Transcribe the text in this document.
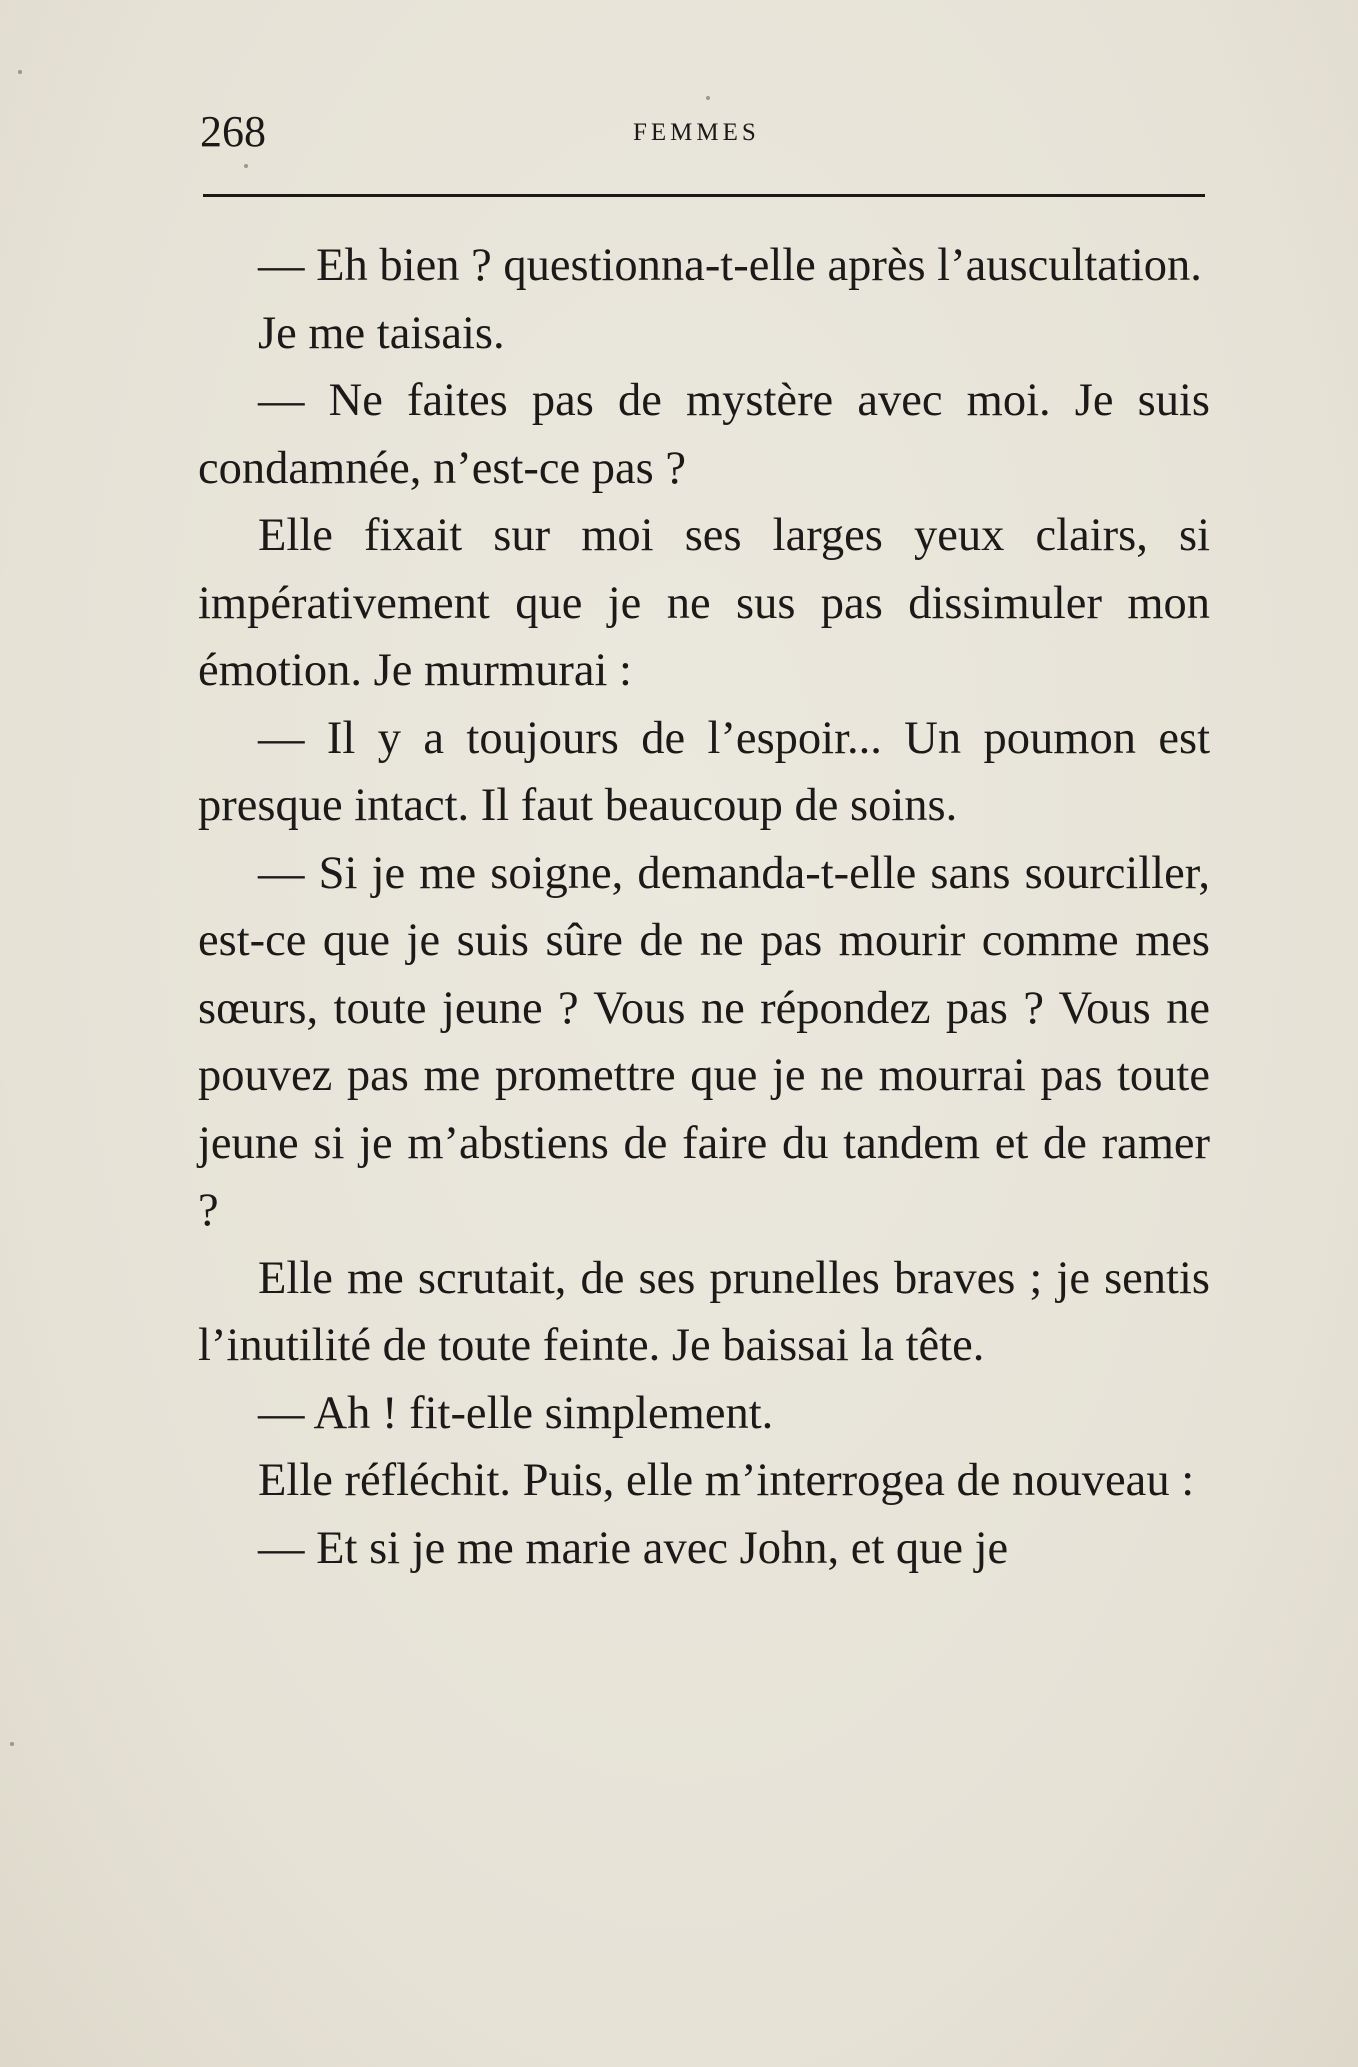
268	FEMMES

— Eh bien ? questionna-t-elle après l’auscultation.

Je me taisais.

— Ne faites pas de mystère avec moi. Je suis condamnée, n’est-ce pas ?

Elle fixait sur moi ses larges yeux clairs, si impérativement que je ne sus pas dissimuler mon émotion. Je murmurai :

— Il y a toujours de l’espoir... Un poumon est presque intact. Il faut beaucoup de soins.

— Si je me soigne, demanda-t-elle sans sourciller, est-ce que je suis sûre de ne pas mourir comme mes sœurs, toute jeune ? Vous ne répondez pas ? Vous ne pouvez pas me promettre que je ne mourrai pas toute jeune si je m’abstiens de faire du tandem et de ramer ?

Elle me scrutait, de ses prunelles braves ; je sentis l’inutilité de toute feinte. Je baissai la tête.

— Ah ! fit-elle simplement.

Elle réfléchit. Puis, elle m’interrogea de nouveau :

— Et si je me marie avec John, et que je
